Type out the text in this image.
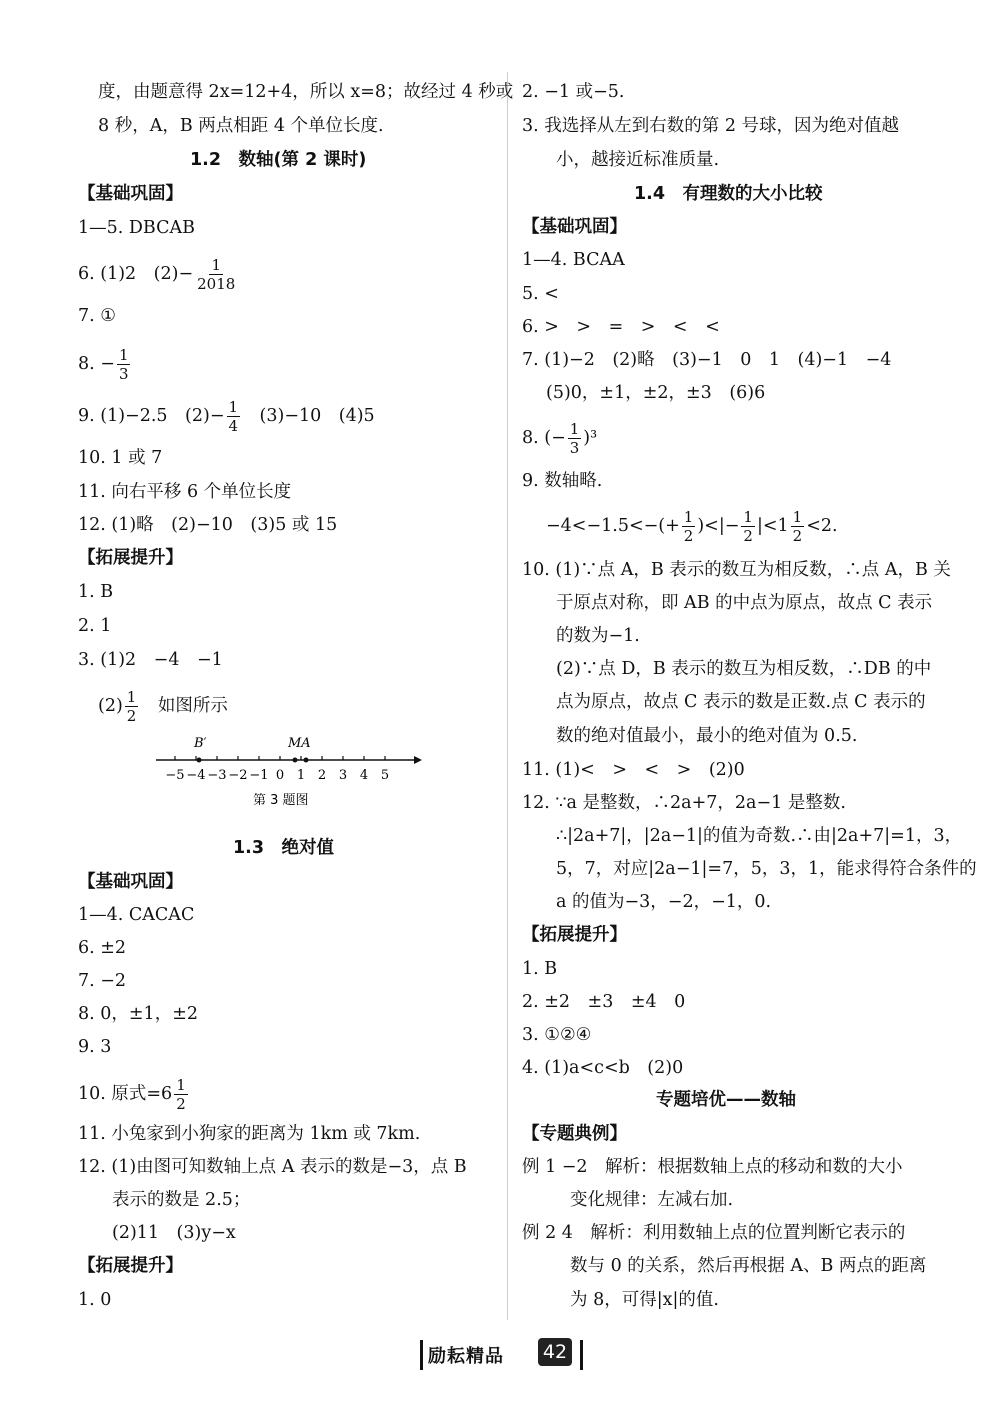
度，由题意得 2x=12+4，所以 x=8；故经过 4 秒或
8 秒，A，B 两点相距 4 个单位长度.
1.2　数轴(第 2 课时)
【基础巩固】
1—5. DBCAB
6. (1)2　$(2)- \frac{1}{2018}$
7. ①
8. − $\frac{1}{3}$
9. (1)−2.5　$(2)- \frac{1}{4}$ 　(3)−10　(4)5
10. 1 或 7
11. 向右平移 6 个单位长度
12. (1)略　(2)−10　(3)5 或 15
【拓展提升】
1. B
2. 1
3. (1)2　−4　−1
$(2) \frac{1}{2}$ 　如图所示
−5 −4 −3 −2 −1 0 1 2 3 4 5
B′	MA
第 3 题图
1.3　绝对值
【基础巩固】
1—4. CACAC
6. ±2
7. −2
8. 0，±1，±2
9. 3
10. 原式$=6 \frac{1}{2}$
11. 小兔家到小狗家的距离为 1km 或 7km.
12. (1)由图可知数轴上点 A 表示的数是−3，点 B
表示的数是 2.5；
(2)11　(3)y−x
【拓展提升】
1. 0
2. −1 或−5.
3. 我选择从左到右数的第 2 号球，因为绝对值越
小，越接近标准质量.
1.4　有理数的大小比较
【基础巩固】
1—4. BCAA
5. <
6. >　>　=　>　<　<
7. (1)−2　(2)略　(3)−1　0　1　(4)−1　−4
(5)0，±1，±2，±3　(6)6
8. (− $\frac{1}{3} )^3$
9. 数轴略.
$-4<-1.5<-(+ \frac{1}{2}$ )<|− $\frac{1}{2} |<1 \frac{1}{2} <2$.
10. (1)∵点 A，B 表示的数互为相反数，∴点 A，B 关
于原点对称，即 AB 的中点为原点，故点 C 表示
的数为−1.
(2)∵点 D，B 表示的数互为相反数，∴DB 的中
点为原点，故点 C 表示的数是正数.点 C 表示的
数的绝对值最小，最小的绝对值为 0.5.
11. (1)<　>　<　>　(2)0
12. ∵a 是整数，∴2a+7，2a−1 是整数.
∴|2a+7|，|2a−1|的值为奇数.∴由|2a+7|=1，3，
5，7，对应|2a−1|=7，5，3，1，能求得符合条件的
a 的值为−3，−2，−1，0.
【拓展提升】
1. B
2. ±2　±3　±4　0
3. ①②④
4. (1)a<c<b　(2)0
专题培优——数轴
【专题典例】
例 1 −2　解析：根据数轴上点的移动和数的大小
变化规律：左减右加.
例 2 4　解析：利用数轴上点的位置判断它表示的
数与 0 的关系，然后再根据 A、B 两点的距离
为 8，可得|x|的值.
励耘精品 42
